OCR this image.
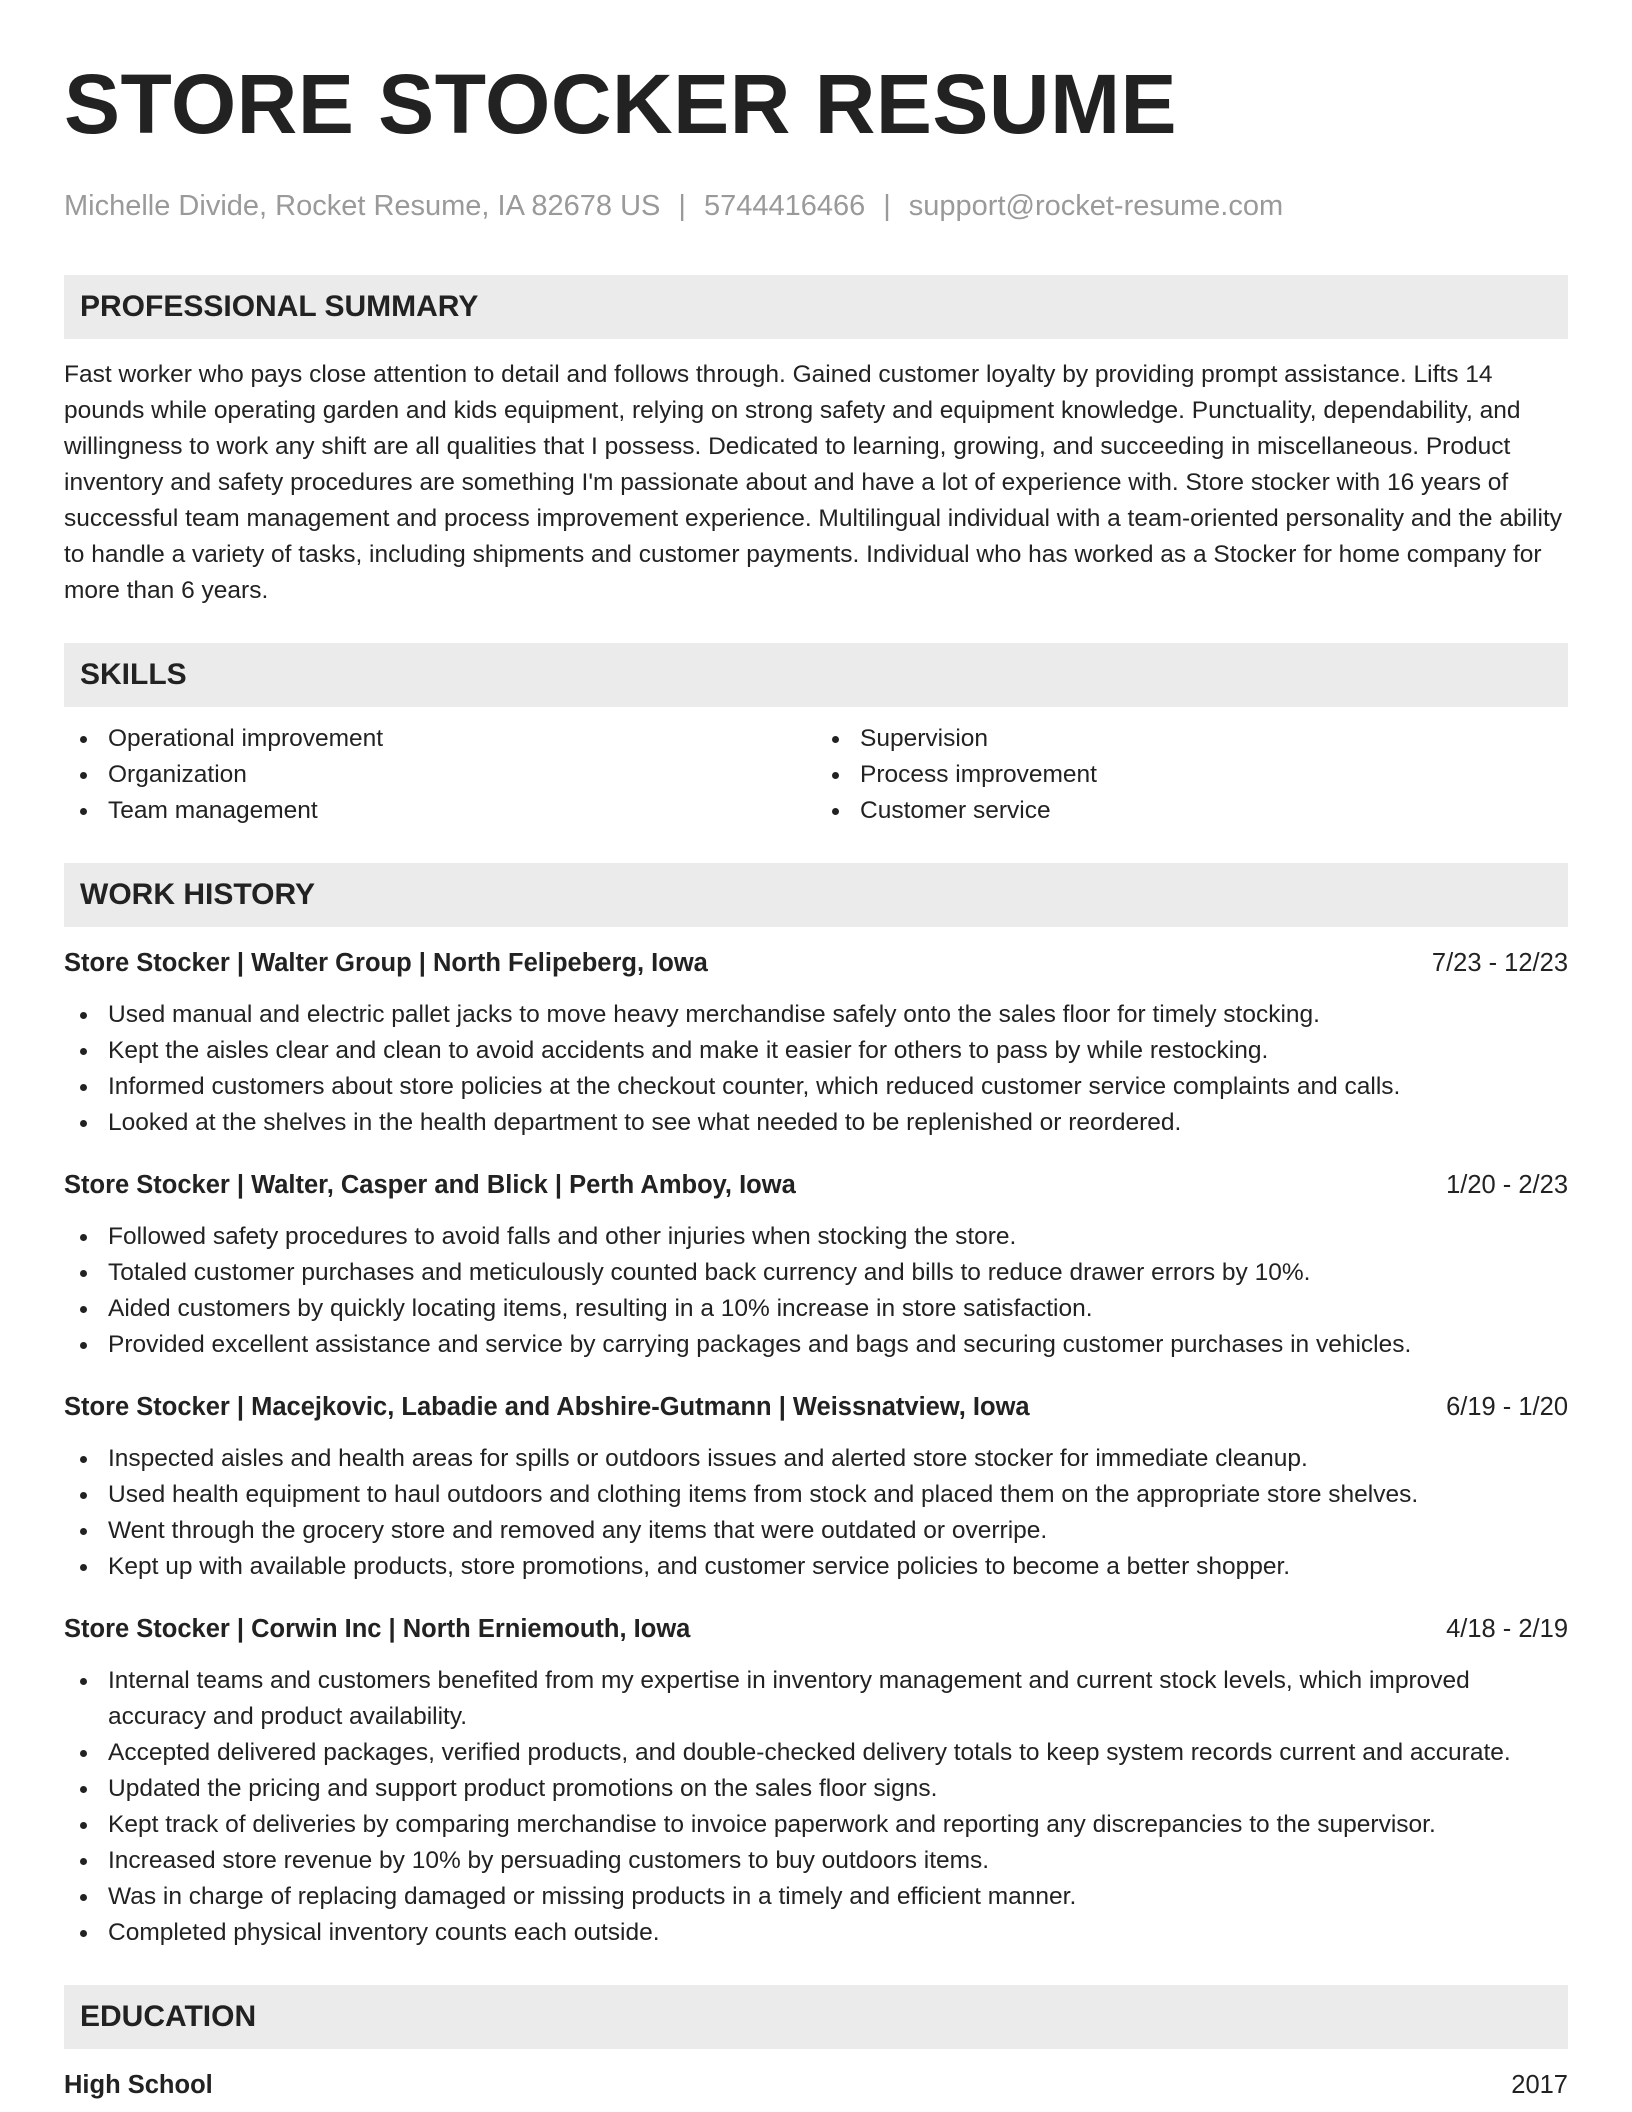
STORE STOCKER RESUME
Michelle Divide, Rocket Resume, IA 82678 US | 5744416466 | support@rocket-resume.com
PROFESSIONAL SUMMARY
Fast worker who pays close attention to detail and follows through. Gained customer loyalty by providing prompt assistance. Lifts 14 pounds while operating garden and kids equipment, relying on strong safety and equipment knowledge. Punctuality, dependability, and willingness to work any shift are all qualities that I possess. Dedicated to learning, growing, and succeeding in miscellaneous. Product inventory and safety procedures are something I'm passionate about and have a lot of experience with. Store stocker with 16 years of successful team management and process improvement experience. Multilingual individual with a team-oriented personality and the ability to handle a variety of tasks, including shipments and customer payments. Individual who has worked as a Stocker for home company for more than 6 years.
SKILLS
Operational improvement
Organization
Team management
Supervision
Process improvement
Customer service
WORK HISTORY
Store Stocker | Walter Group | North Felipeberg, Iowa	7/23 - 12/23
Used manual and electric pallet jacks to move heavy merchandise safely onto the sales floor for timely stocking.
Kept the aisles clear and clean to avoid accidents and make it easier for others to pass by while restocking.
Informed customers about store policies at the checkout counter, which reduced customer service complaints and calls.
Looked at the shelves in the health department to see what needed to be replenished or reordered.
Store Stocker | Walter, Casper and Blick | Perth Amboy, Iowa	1/20 - 2/23
Followed safety procedures to avoid falls and other injuries when stocking the store.
Totaled customer purchases and meticulously counted back currency and bills to reduce drawer errors by 10%.
Aided customers by quickly locating items, resulting in a 10% increase in store satisfaction.
Provided excellent assistance and service by carrying packages and bags and securing customer purchases in vehicles.
Store Stocker | Macejkovic, Labadie and Abshire-Gutmann | Weissnatview, Iowa	6/19 - 1/20
Inspected aisles and health areas for spills or outdoors issues and alerted store stocker for immediate cleanup.
Used health equipment to haul outdoors and clothing items from stock and placed them on the appropriate store shelves.
Went through the grocery store and removed any items that were outdated or overripe.
Kept up with available products, store promotions, and customer service policies to become a better shopper.
Store Stocker | Corwin Inc | North Erniemouth, Iowa	4/18 - 2/19
Internal teams and customers benefited from my expertise in inventory management and current stock levels, which improved accuracy and product availability.
Accepted delivered packages, verified products, and double-checked delivery totals to keep system records current and accurate.
Updated the pricing and support product promotions on the sales floor signs.
Kept track of deliveries by comparing merchandise to invoice paperwork and reporting any discrepancies to the supervisor.
Increased store revenue by 10% by persuading customers to buy outdoors items.
Was in charge of replacing damaged or missing products in a timely and efficient manner.
Completed physical inventory counts each outside.
EDUCATION
High School	2017
